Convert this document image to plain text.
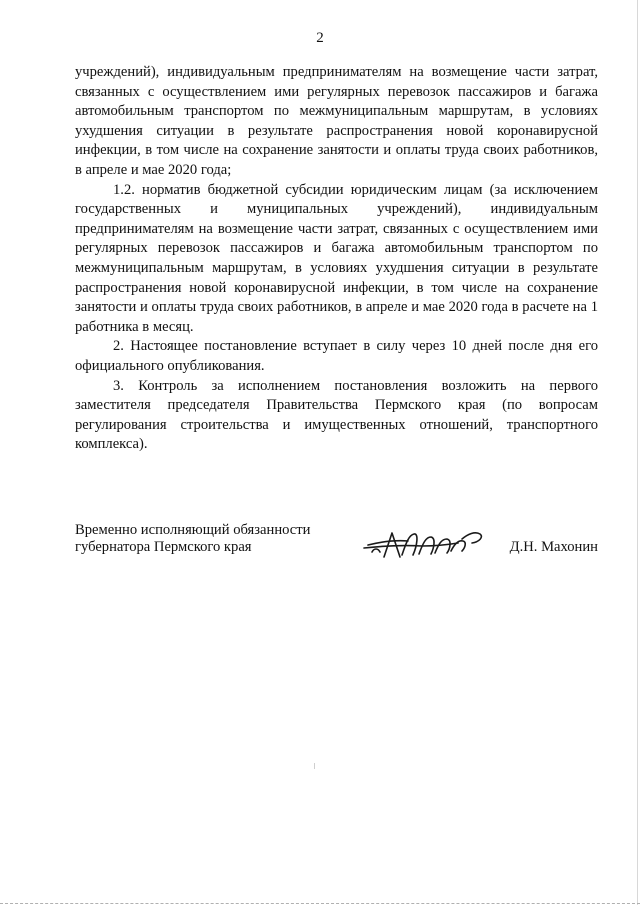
2

учреждений), индивидуальным предпринимателям на возмещение части затрат, связанных с осуществлением ими регулярных перевозок пассажиров и багажа автомобильным транспортом по межмуниципальным маршрутам, в условиях ухудшения ситуации в результате распространения новой коронавирусной инфекции, в том числе на сохранение занятости и оплаты труда своих работников, в апреле и мае 2020 года;

1.2. норматив бюджетной субсидии юридическим лицам (за исключением государственных и муниципальных учреждений), индивидуальным предпринимателям на возмещение части затрат, связанных с осуществлением ими регулярных перевозок пассажиров и багажа автомобильным транспортом по межмуниципальным маршрутам, в условиях ухудшения ситуации в результате распространения новой коронавирусной инфекции, в том числе на сохранение занятости и оплаты труда своих работников, в апреле и мае 2020 года в расчете на 1 работника в месяц.

2. Настоящее постановление вступает в силу через 10 дней после дня его официального опубликования.

3. Контроль за исполнением постановления возложить на первого заместителя председателя Правительства Пермского края (по вопросам регулирования строительства и имущественных отношений, транспортного комплекса).

Временно исполняющий обязанности
губернатора Пермского края	Д.Н. Махонин
